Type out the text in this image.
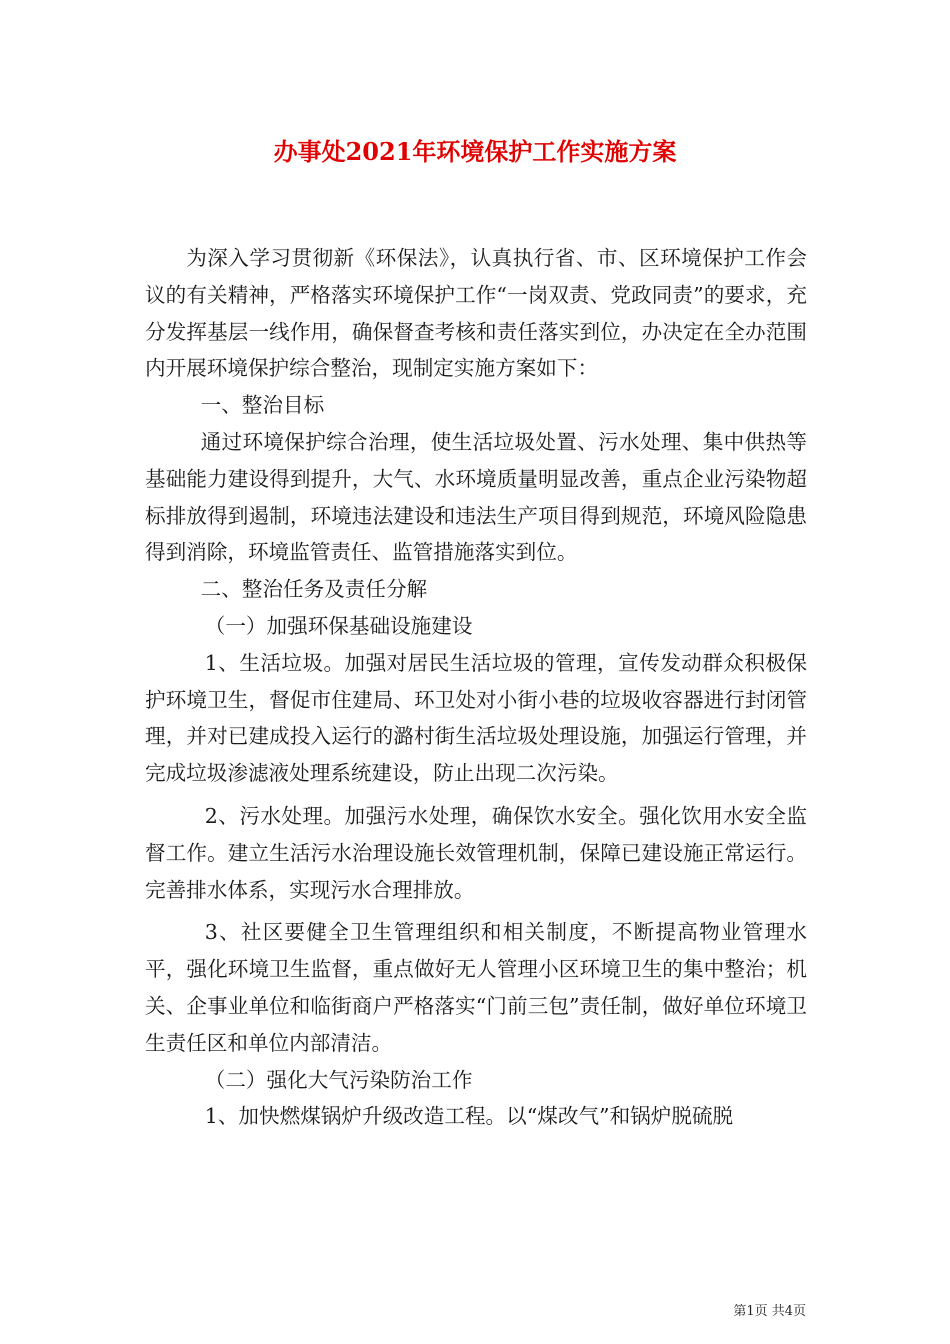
办事处2021年环境保护工作实施方案

为深入学习贯彻新《环保法》，认真执行省、市、区环境保护工作会议的有关精神，严格落实环境保护工作“一岗双责、党政同责”的要求，充分发挥基层一线作用，确保督查考核和责任落实到位，办决定在全办范围内开展环境保护综合整治，现制定实施方案如下：

一、整治目标

通过环境保护综合治理，使生活垃圾处置、污水处理、集中供热等基础能力建设得到提升，大气、水环境质量明显改善，重点企业污染物超标排放得到遏制，环境违法建设和违法生产项目得到规范，环境风险隐患得到消除，环境监管责任、监管措施落实到位。

二、整治任务及责任分解

（一）加强环保基础设施建设

1、生活垃圾。加强对居民生活垃圾的管理，宣传发动群众积极保护环境卫生，督促市住建局、环卫处对小街小巷的垃圾收容器进行封闭管理，并对已建成投入运行的潞村街生活垃圾处理设施，加强运行管理，并完成垃圾渗滤液处理系统建设，防止出现二次污染。

2、污水处理。加强污水处理，确保饮水安全。强化饮用水安全监督工作。建立生活污水治理设施长效管理机制，保障已建设施正常运行。完善排水体系，实现污水合理排放。

3、社区要健全卫生管理组织和相关制度，不断提高物业管理水平，强化环境卫生监督，重点做好无人管理小区环境卫生的集中整治；机关、企事业单位和临街商户严格落实“门前三包”责任制，做好单位环境卫生责任区和单位内部清洁。

（二）强化大气污染防治工作

1、加快燃煤锅炉升级改造工程。以“煤改气”和锅炉脱硫脱

第1页 共4页
